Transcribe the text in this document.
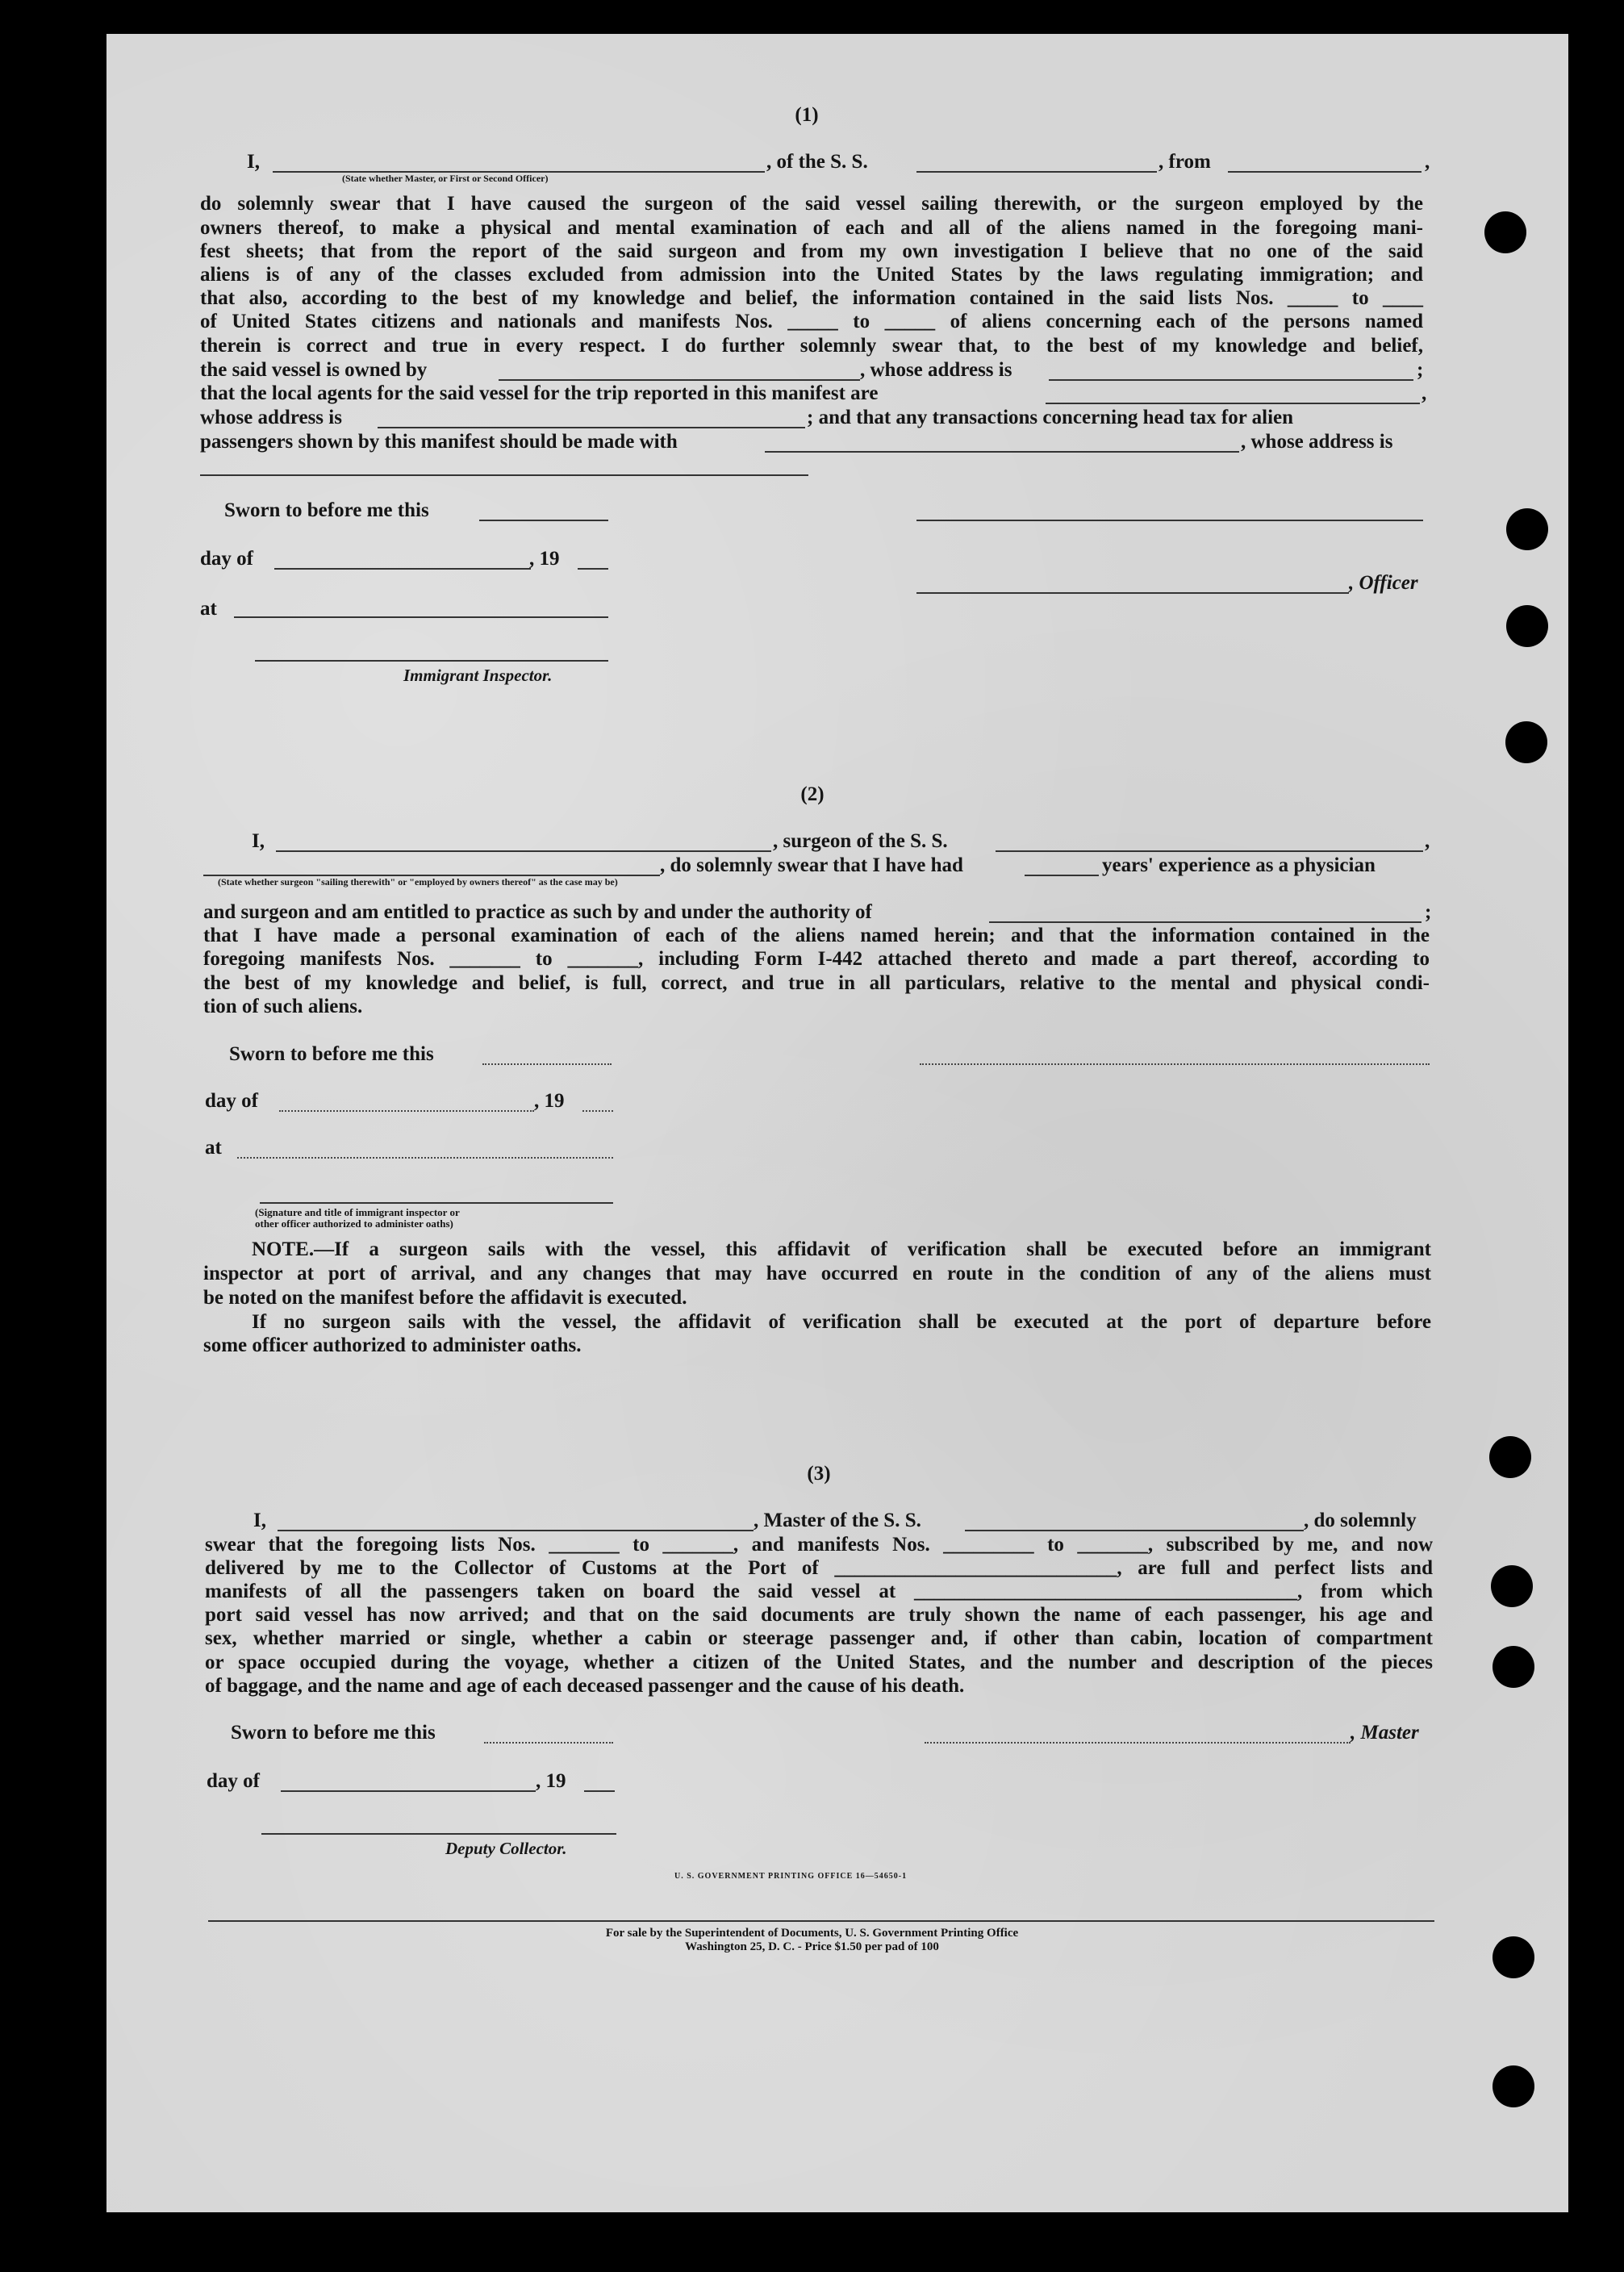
(1)
I,	, of the S. S.	, from	,
(State whether Master, or First or Second Officer)
do solemnly swear that I have caused the surgeon of the said vessel sailing therewith, or the surgeon employed by the
owners thereof, to make a physical and mental examination of each and all of the aliens named in the foregoing mani-
fest sheets; that from the report of the said surgeon and from my own investigation I believe that no one of the said
aliens is of any of the classes excluded from admission into the United States by the laws regulating immigration; and
that also, according to the best of my knowledge and belief, the information contained in the said lists Nos. _____ to ____
of United States citizens and nationals and manifests Nos. _____ to _____ of aliens concerning each of the persons named
therein is correct and true in every respect. I do further solemnly swear that, to the best of my knowledge and belief,
the said vessel is owned by	, whose address is	;
that the local agents for the said vessel for the trip reported in this manifest are	,
whose address is	; and that any transactions concerning head tax for alien
passengers shown by this manifest should be made with	, whose address is
Sworn to before me this
day of	, 19
, Officer
at
Immigrant Inspector.
(2)
I,	, surgeon of the S. S.	,
, do solemnly swear that I have had	years' experience as a physician
(State whether surgeon "sailing therewith" or "employed by owners thereof" as the case may be)
and surgeon and am entitled to practice as such by and under the authority of	;
that I have made a personal examination of each of the aliens named herein; and that the information contained in the
foregoing manifests Nos. _______ to _______, including Form I-442 attached thereto and made a part thereof, according to
the best of my knowledge and belief, is full, correct, and true in all particulars, relative to the mental and physical condi-
tion of such aliens.
Sworn to before me this
day of	, 19
at
(Signature and title of immigrant inspector or
other officer authorized to administer oaths)
NOTE.—If a surgeon sails with the vessel, this affidavit of verification shall be executed before an immigrant
inspector at port of arrival, and any changes that may have occurred en route in the condition of any of the aliens must
be noted on the manifest before the affidavit is executed.
If no surgeon sails with the vessel, the affidavit of verification shall be executed at the port of departure before
some officer authorized to administer oaths.
(3)
I,	, Master of the S. S.	, do solemnly
swear that the foregoing lists Nos. _______ to _______, and manifests Nos. _________ to _______, subscribed by me, and now
delivered by me to the Collector of Customs at the Port of ____________________________, are full and perfect lists and
manifests of all the passengers taken on board the said vessel at ______________________________________, from which
port said vessel has now arrived; and that on the said documents are truly shown the name of each passenger, his age and
sex, whether married or single, whether a cabin or steerage passenger and, if other than cabin, location of compartment
or space occupied during the voyage, whether a citizen of the United States, and the number and description of the pieces
of baggage, and the name and age of each deceased passenger and the cause of his death.
Sworn to before me this	, Master
day of	, 19
Deputy Collector.
U. S. GOVERNMENT PRINTING OFFICE 16—54650-1
For sale by the Superintendent of Documents, U. S. Government Printing Office
Washington 25, D. C. - Price $1.50 per pad of 100
